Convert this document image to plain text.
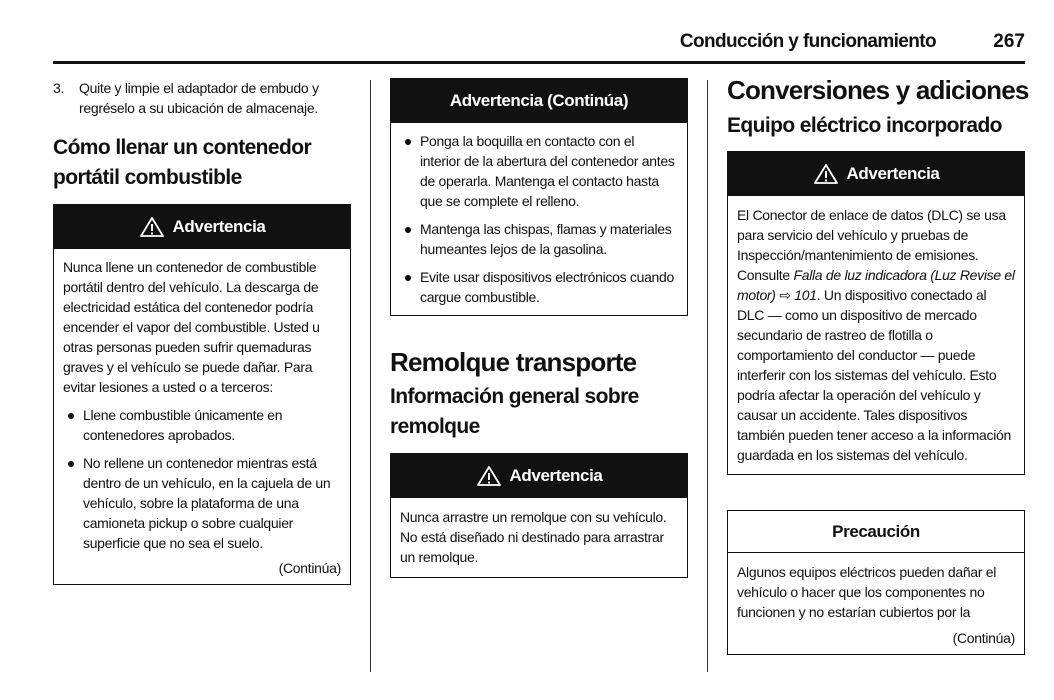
Conducción y funcionamiento	267
3.	Quite y limpie el adaptador de embudo y regréselo a su ubicación de almacenaje.
Cómo llenar un contenedor portátil combustible
Advertencia

Nunca llene un contenedor de combustible portátil dentro del vehículo. La descarga de electricidad estática del contenedor podría encender el vapor del combustible. Usted u otras personas pueden sufrir quemaduras graves y el vehículo se puede dañar. Para evitar lesiones a usted o a terceros:

Llene combustible únicamente en contenedores aprobados.
No rellene un contenedor mientras está dentro de un vehículo, en la cajuela de un vehículo, sobre la plataforma de una camioneta pickup o sobre cualquier superficie que no sea el suelo.

(Continúa)

Advertencia (Continúa)
Ponga la boquilla en contacto con el interior de la abertura del contenedor antes de operarla. Mantenga el contacto hasta que se complete el relleno.
Mantenga las chispas, flamas y materiales humeantes lejos de la gasolina.
Evite usar dispositivos electrónicos cuando cargue combustible.
Remolque transporte
Información general sobre remolque
Advertencia

Nunca arrastre un remolque con su vehículo. No está diseñado ni destinado para arrastrar un remolque.

Conversiones y adiciones
Equipo eléctrico incorporado
Advertencia

El Conector de enlace de datos (DLC) se usa para servicio del vehículo y pruebas de Inspección/mantenimiento de emisiones. Consulte Falla de luz indicadora (Luz Revise el motor) ⇨ 101. Un dispositivo conectado al DLC — como un dispositivo de mercado secundario de rastreo de flotilla o comportamiento del conductor — puede interferir con los sistemas del vehículo. Esto podría afectar la operación del vehículo y causar un accidente. Tales dispositivos también pueden tener acceso a la información guardada en los sistemas del vehículo.

Precaución

Algunos equipos eléctricos pueden dañar el vehículo o hacer que los componentes no funcionen y no estarían cubiertos por la

(Continúa)
